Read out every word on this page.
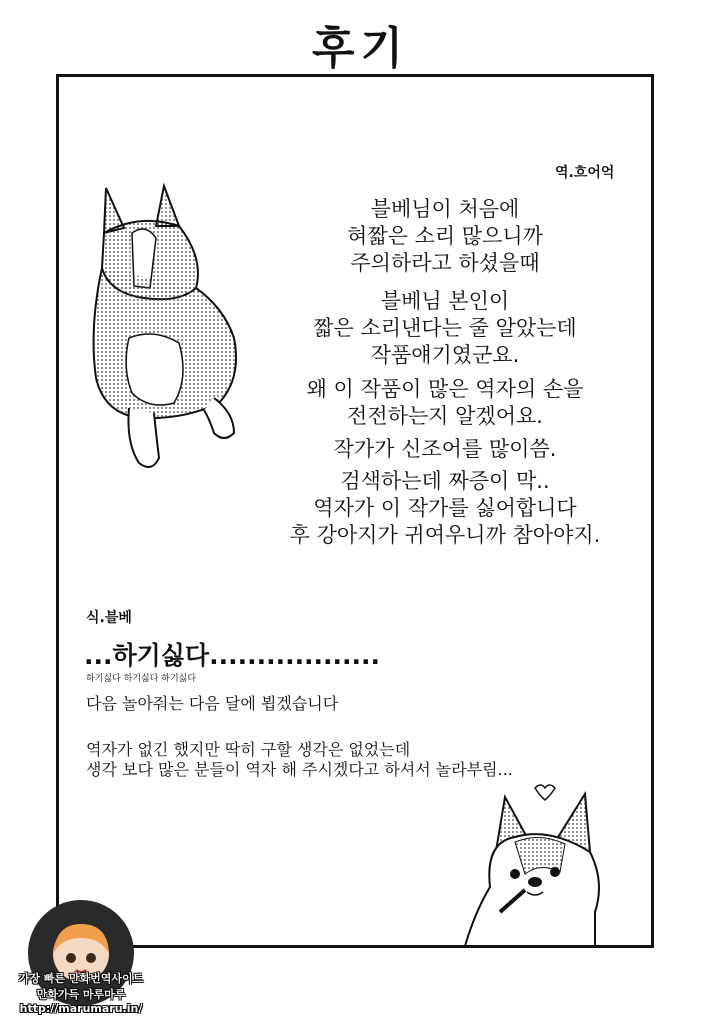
후기
역.흐어억
블베님이 처음에
혀짧은 소리 많으니까
주의하라고 하셨을때
블베님 본인이
짧은 소리낸다는 줄 알았는데
작품얘기였군요.
왜 이 작품이 많은 역자의 손을
전전하는지 알겠어요.
작가가 신조어를 많이씀.
검색하는데 짜증이 막..
역자가 이 작가를 싫어합니다
후 강아지가 귀여우니까 참아야지.
식.블베
...하기싫다..................
하기싫다 하기싫다 하기싫다
다음 놀아줘는 다음 달에 뵙겠습니다
역자가 없긴 했지만 딱히 구할 생각은 없었는데
생각 보다 많은 분들이 역자 해 주시겠다고 하셔서 놀라부림...
가장 빠른 만화번역사이트
만화가득 마루마루
http://marumaru.in/
